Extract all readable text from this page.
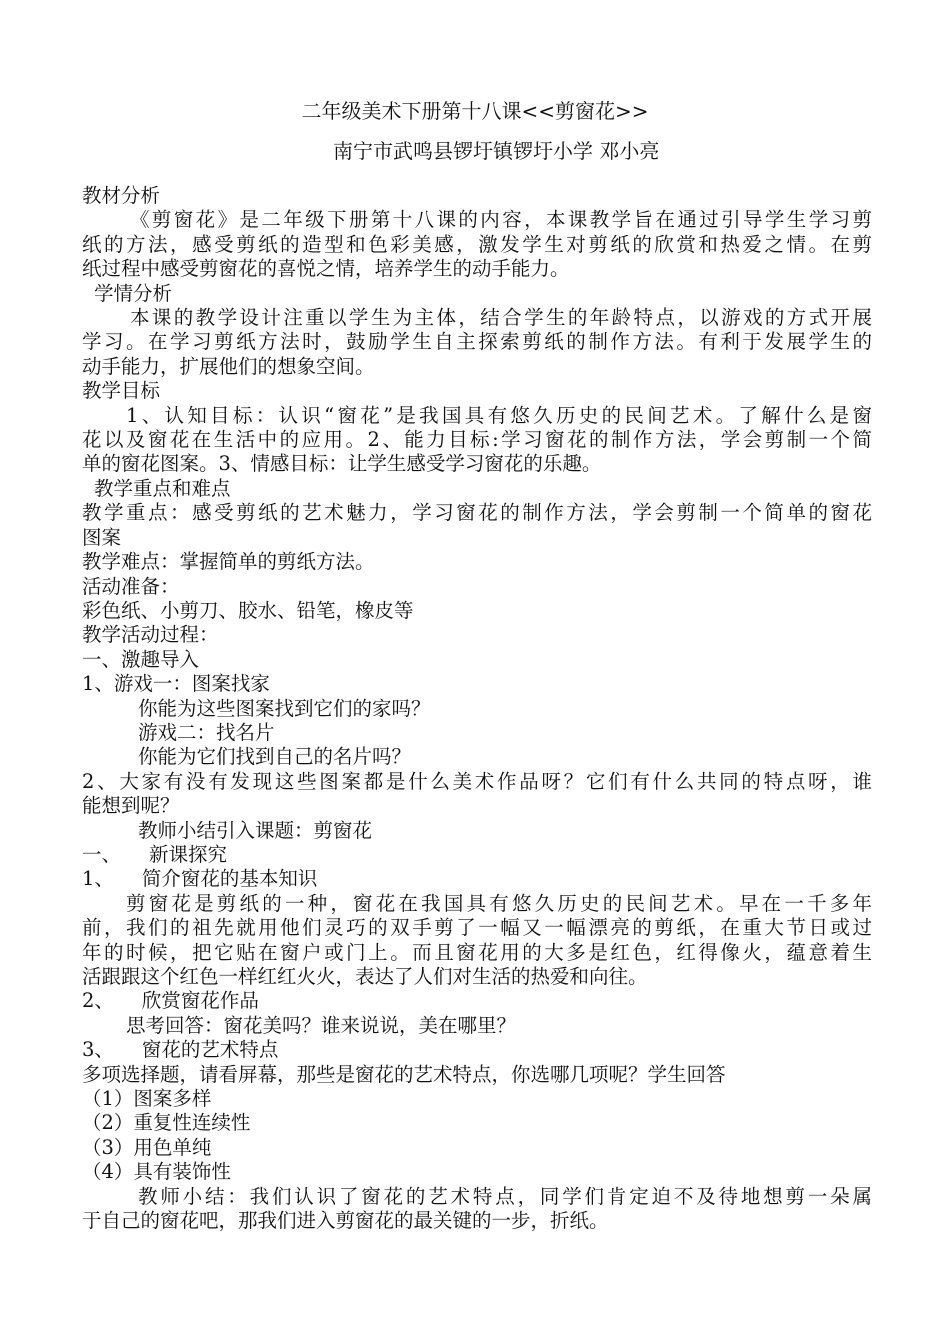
二年级美术下册第十八课<<剪窗花>>
南宁市武鸣县锣圩镇锣圩小学 邓小亮
教材分析
《剪窗花》是二年级下册第十八课的内容，本课教学旨在通过引导学生学习剪
纸的方法，感受剪纸的造型和色彩美感，激发学生对剪纸的欣赏和热爱之情。在剪
纸过程中感受剪窗花的喜悦之情，培养学生的动手能力。
学情分析
本课的教学设计注重以学生为主体，结合学生的年龄特点，以游戏的方式开展
学习。在学习剪纸方法时，鼓励学生自主探索剪纸的制作方法。有利于发展学生的
动手能力，扩展他们的想象空间。
教学目标
1、认知目标：认识“窗花”是我国具有悠久历史的民间艺术。了解什么是窗
花以及窗花在生活中的应用。2、能力目标:学习窗花的制作方法，学会剪制一个简
单的窗花图案。3、情感目标：让学生感受学习窗花的乐趣。
教学重点和难点
教学重点：感受剪纸的艺术魅力，学习窗花的制作方法，学会剪制一个简单的窗花
图案
教学难点：掌握简单的剪纸方法。
活动准备：
彩色纸、小剪刀、胶水、铅笔，橡皮等
教学活动过程：
一、激趣导入
1、游戏一：图案找家
你能为这些图案找到它们的家吗？
游戏二：找名片
你能为它们找到自己的名片吗？
2、大家有没有发现这些图案都是什么美术作品呀？它们有什么共同的特点呀，谁
能想到呢？
教师小结引入课题：剪窗花
一、 新课探究
1、 简介窗花的基本知识
剪窗花是剪纸的一种，窗花在我国具有悠久历史的民间艺术。早在一千多年
前，我们的祖先就用他们灵巧的双手剪了一幅又一幅漂亮的剪纸，在重大节日或过
年的时候，把它贴在窗户或门上。而且窗花用的大多是红色，红得像火，蕴意着生
活跟跟这个红色一样红红火火，表达了人们对生活的热爱和向往。
2、 欣赏窗花作品
思考回答：窗花美吗？谁来说说，美在哪里？
3、 窗花的艺术特点
多项选择题，请看屏幕，那些是窗花的艺术特点，你选哪几项呢？学生回答
（1）图案多样
（2）重复性连续性
（3）用色单纯
（4）具有装饰性
教师小结：我们认识了窗花的艺术特点，同学们肯定迫不及待地想剪一朵属
于自己的窗花吧，那我们进入剪窗花的最关键的一步，折纸。
